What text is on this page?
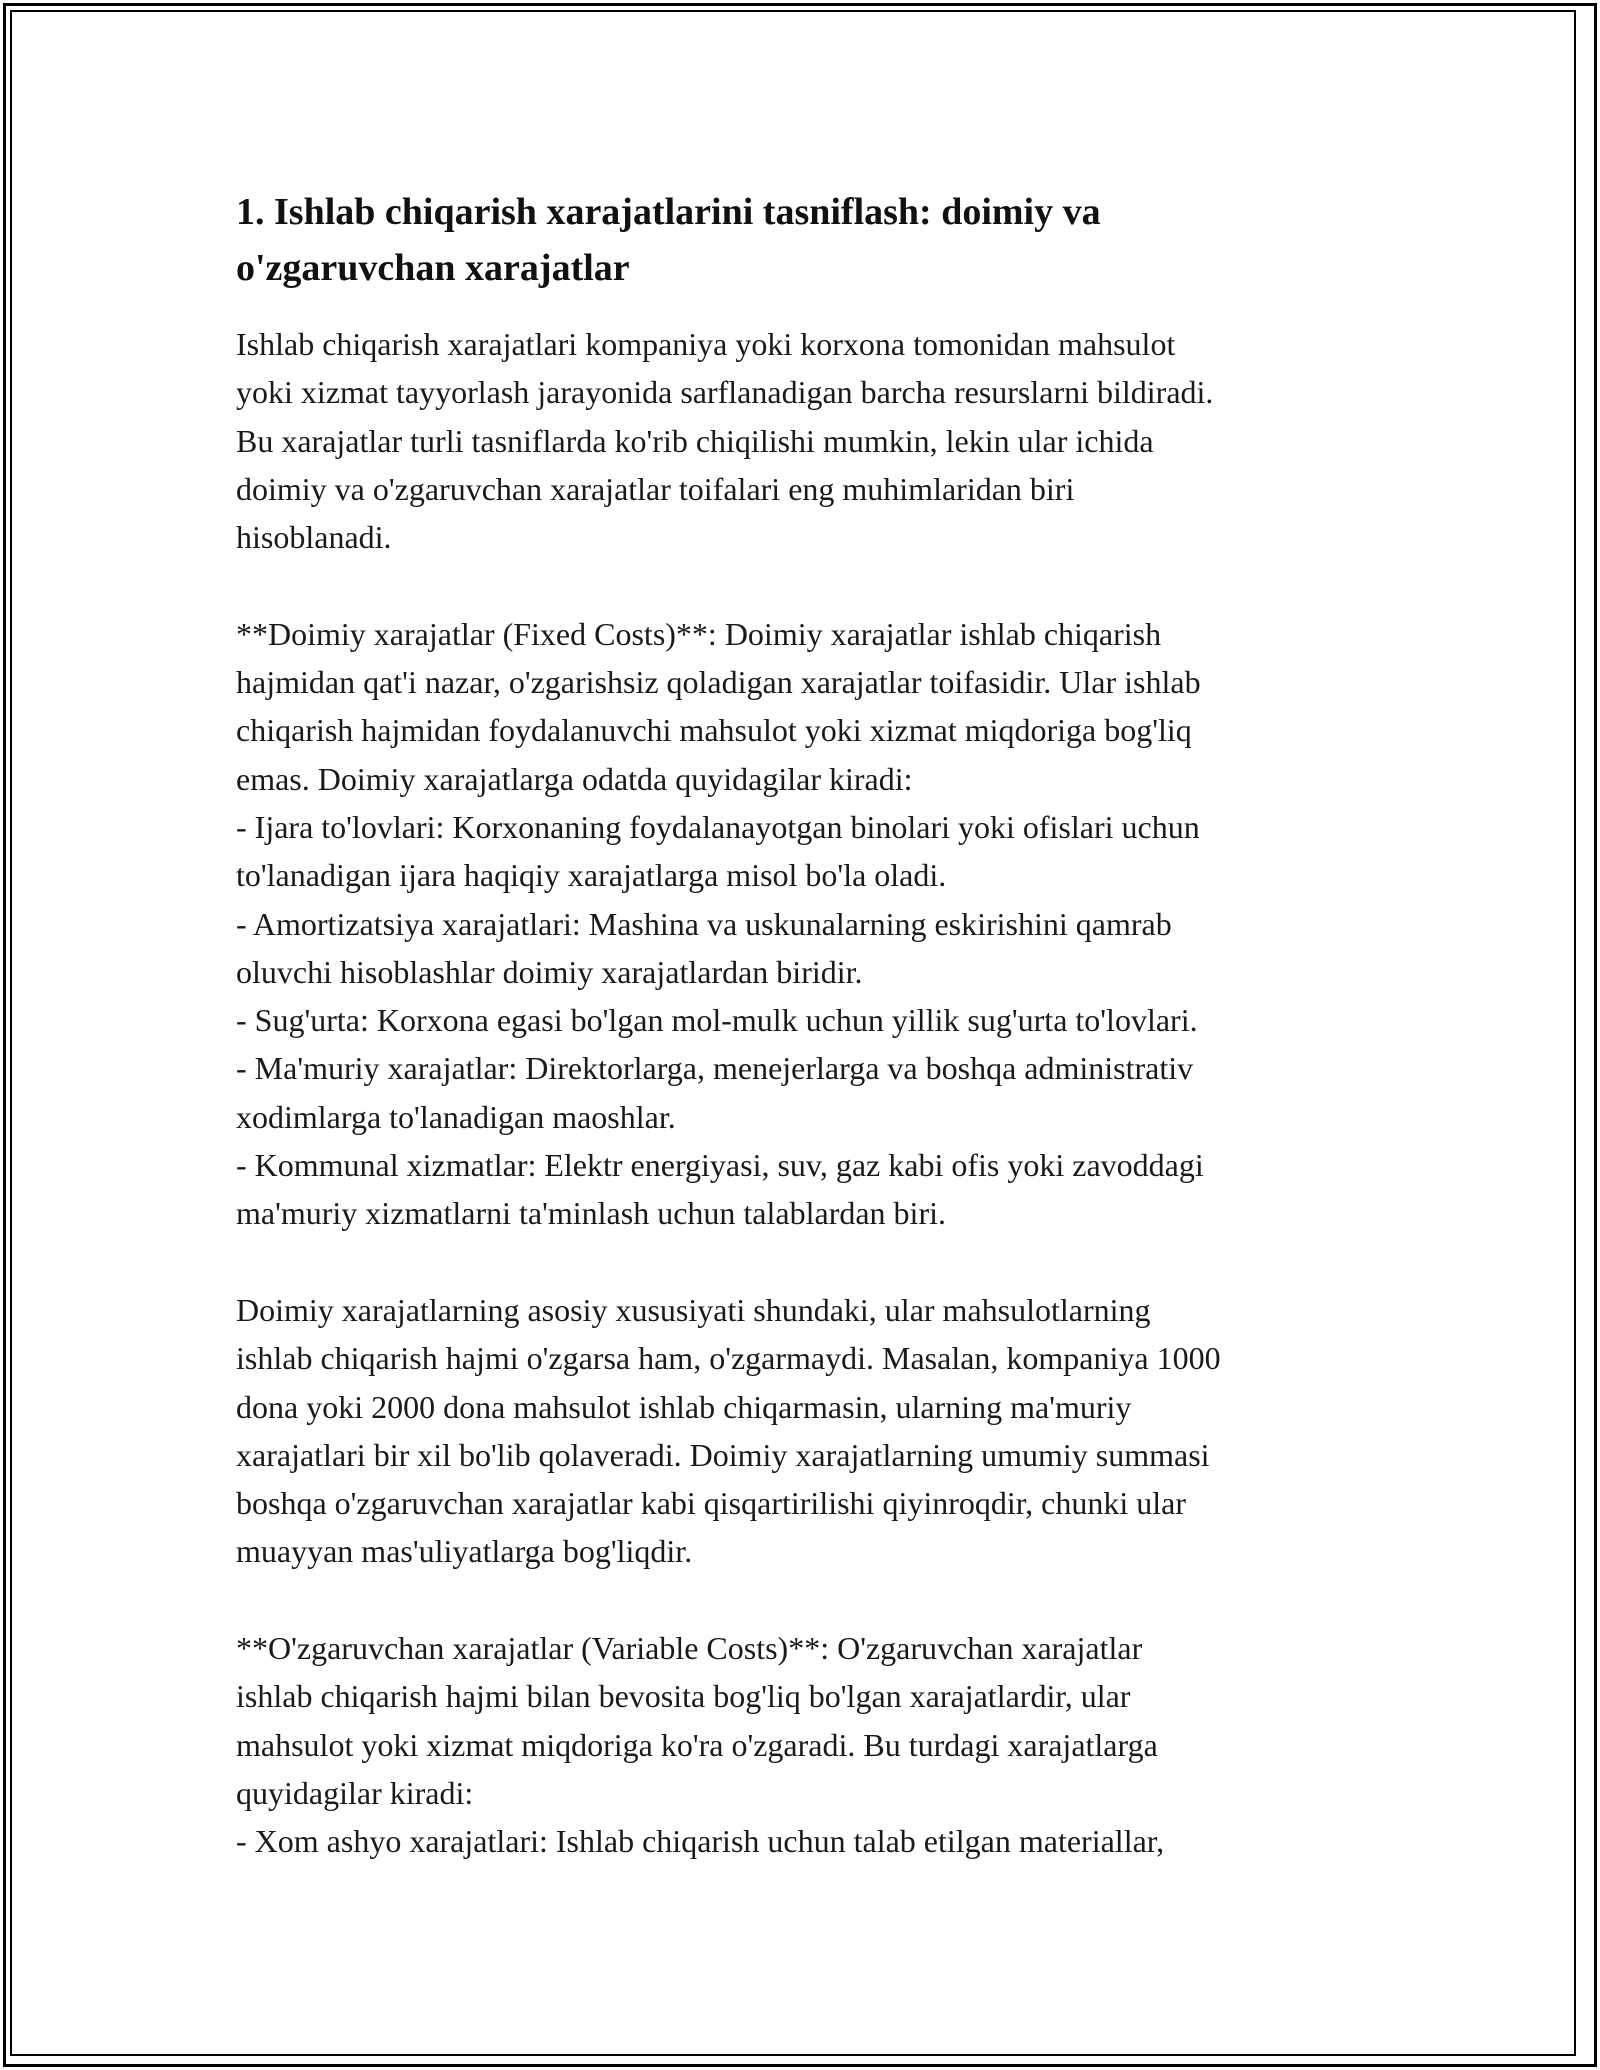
1. Ishlab chiqarish xarajatlarini tasniflash: doimiy va
o'zgaruvchan xarajatlar

Ishlab chiqarish xarajatlari kompaniya yoki korxona tomonidan mahsulot
yoki xizmat tayyorlash jarayonida sarflanadigan barcha resurslarni bildiradi.
Bu xarajatlar turli tasniflarda ko'rib chiqilishi mumkin, lekin ular ichida
doimiy va o'zgaruvchan xarajatlar toifalari eng muhimlaridan biri
hisoblanadi.

**Doimiy xarajatlar (Fixed Costs)**: Doimiy xarajatlar ishlab chiqarish
hajmidan qat'i nazar, o'zgarishsiz qoladigan xarajatlar toifasidir. Ular ishlab
chiqarish hajmidan foydalanuvchi mahsulot yoki xizmat miqdoriga bog'liq
emas. Doimiy xarajatlarga odatda quyidagilar kiradi:
- Ijara to'lovlari: Korxonaning foydalanayotgan binolari yoki ofislari uchun
to'lanadigan ijara haqiqiy xarajatlarga misol bo'la oladi.
- Amortizatsiya xarajatlari: Mashina va uskunalarning eskirishini qamrab
oluvchi hisoblashlar doimiy xarajatlardan biridir.
- Sug'urta: Korxona egasi bo'lgan mol-mulk uchun yillik sug'urta to'lovlari.
- Ma'muriy xarajatlar: Direktorlarga, menejerlarga va boshqa administrativ
xodimlarga to'lanadigan maoshlar.
- Kommunal xizmatlar: Elektr energiyasi, suv, gaz kabi ofis yoki zavoddagi
ma'muriy xizmatlarni ta'minlash uchun talablardan biri.

Doimiy xarajatlarning asosiy xususiyati shundaki, ular mahsulotlarning
ishlab chiqarish hajmi o'zgarsa ham, o'zgarmaydi. Masalan, kompaniya 1000
dona yoki 2000 dona mahsulot ishlab chiqarmasin, ularning ma'muriy
xarajatlari bir xil bo'lib qolaveradi. Doimiy xarajatlarning umumiy summasi
boshqa o'zgaruvchan xarajatlar kabi qisqartirilishi qiyinroqdir, chunki ular
muayyan mas'uliyatlarga bog'liqdir.

**O'zgaruvchan xarajatlar (Variable Costs)**: O'zgaruvchan xarajatlar
ishlab chiqarish hajmi bilan bevosita bog'liq bo'lgan xarajatlardir, ular
mahsulot yoki xizmat miqdoriga ko'ra o'zgaradi. Bu turdagi xarajatlarga
quyidagilar kiradi:
- Xom ashyo xarajatlari: Ishlab chiqarish uchun talab etilgan materiallar,
